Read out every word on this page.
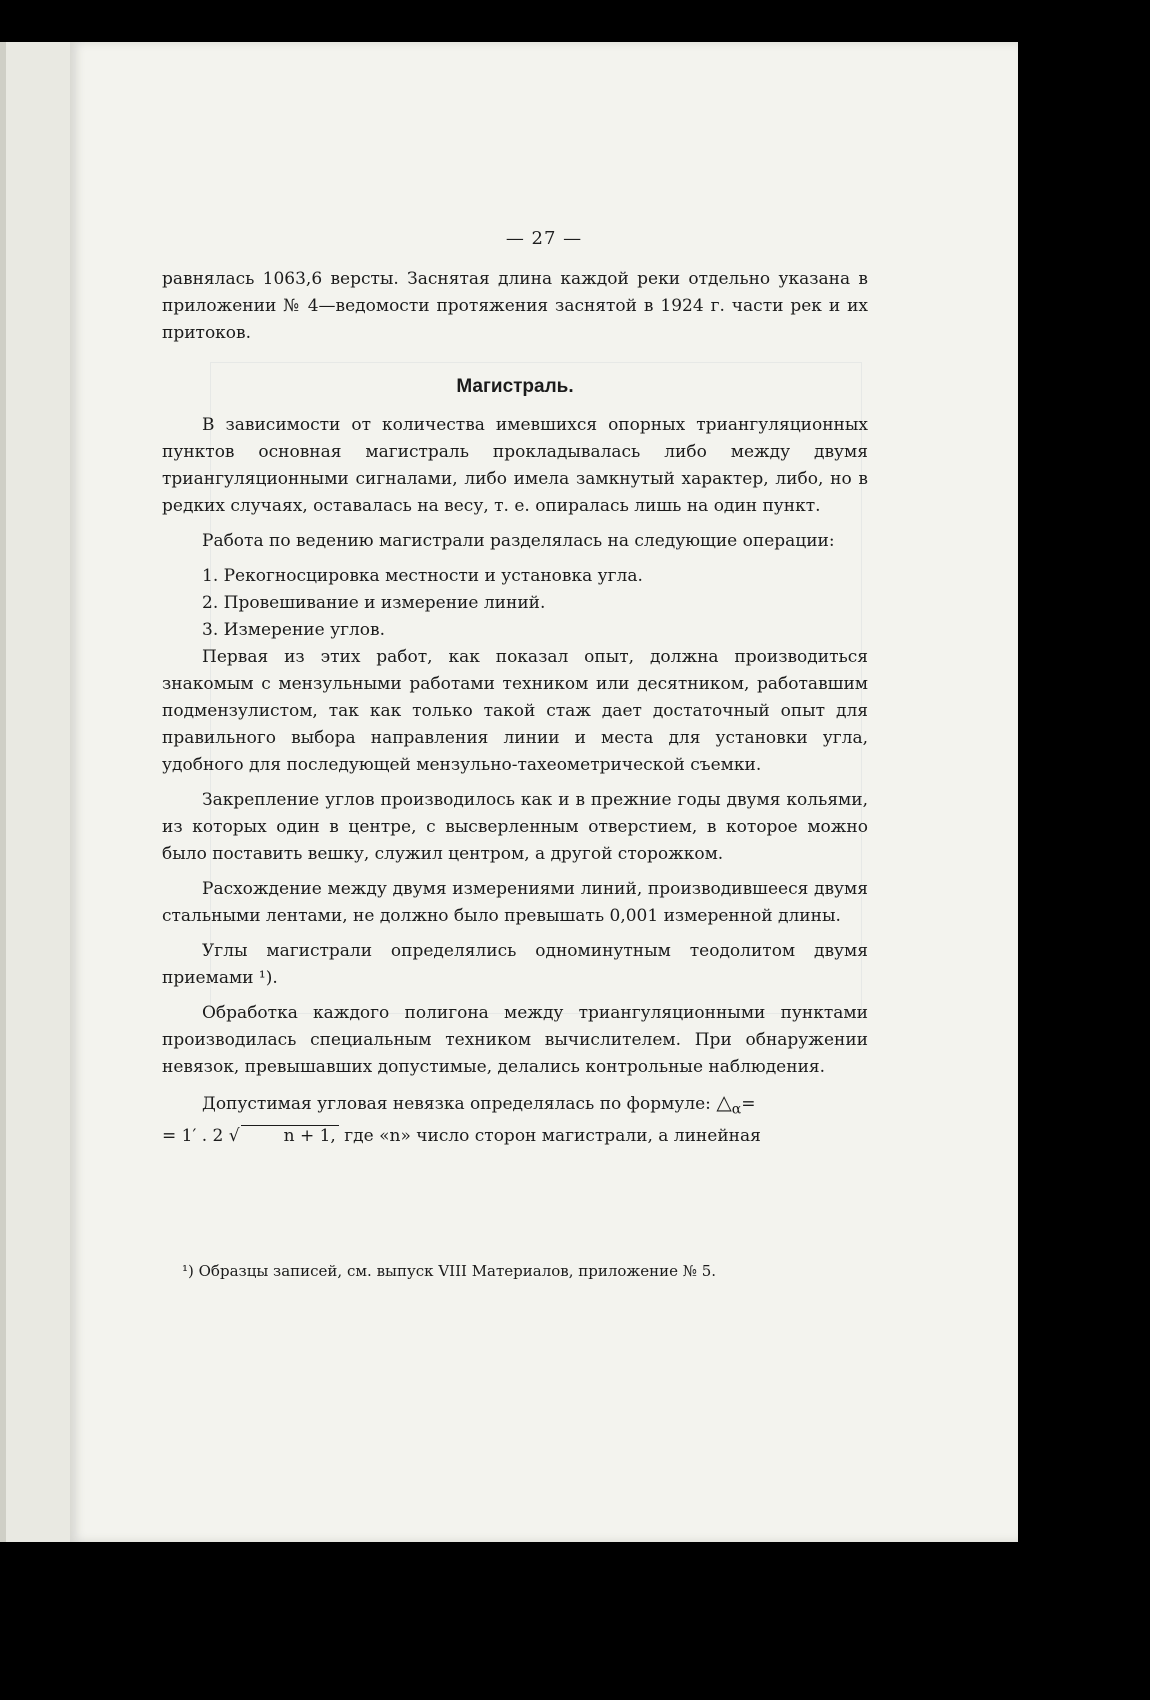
— 27 —

равнялась 1063,6 версты. Заснятая длина каждой реки отдельно указана в приложении № 4—ведомости протяжения заснятой в 1924 г. части рек и их притоков.

Магистраль.

В зависимости от количества имевшихся опорных триангуляционных пунктов основная магистраль прокладывалась либо между двумя триангуляционными сигналами, либо имела замкнутый характер, либо, но в редких случаях, оставалась на весу, т. е. опиралась лишь на один пункт.

Работа по ведению магистрали разделялась на следующие операции:

1. Рекогносцировка местности и установка угла.

2. Провешивание и измерение линий.

3. Измерение углов.

Первая из этих работ, как показал опыт, должна производиться знакомым с мензульными работами техником или десятником, работавшим подмензулистом, так как только такой стаж дает достаточный опыт для правильного выбора направления линии и места для установки угла, удобного для последующей мензульно-тахеометрической съемки.

Закрепление углов производилось как и в прежние годы двумя кольями, из которых один в центре, с высверленным отверстием, в которое можно было поставить вешку, служил центром, а другой сторожком.

Расхождение между двумя измерениями линий, производившееся двумя стальными лентами, не должно было превышать 0,001 измеренной длины.

Углы магистрали определялись одноминутным теодолитом двумя приемами ¹).

Обработка каждого полигона между триангуляционными пунктами производилась специальным техником вычислителем. При обнаружении невязок, превышавших допустимые, делались контрольные наблюдения.

Допустимая угловая невязка определялась по формуле: $\triangle_\alpha=$
= 1′ . 2 √	n + 1, где «n» число сторон магистрали, а линейная

¹) Образцы записей, см. выпуск VIII Материалов, приложение № 5.
